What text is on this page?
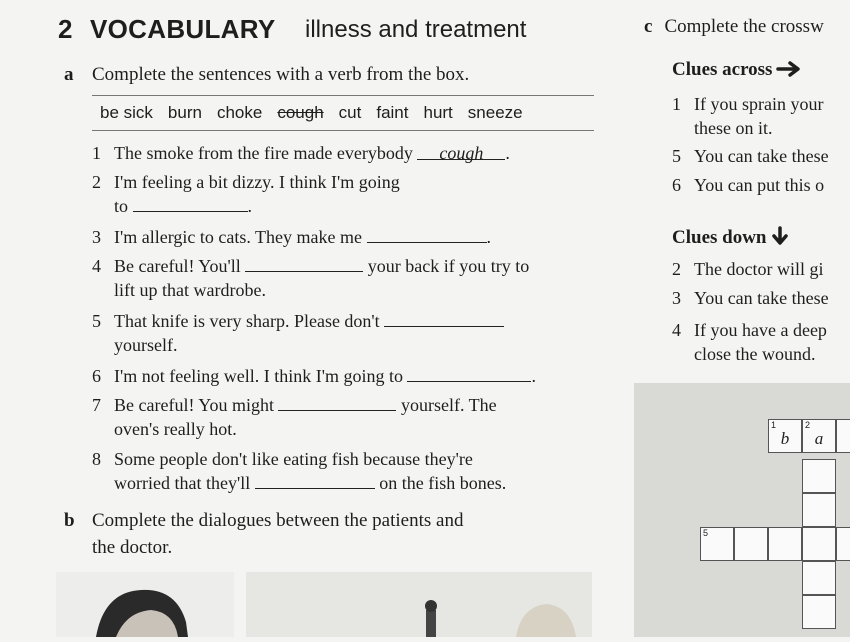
2 VOCABULARY illness and treatment
a Complete the sentences with a verb from the box.
be sick burn choke cough cut faint hurt sneeze
1 The smoke from the fire made everybody cough .
2 I'm feeling a bit dizzy. I think I'm going
to	.
3 I'm allergic to cats. They make me	.
4 Be careful! You'll	your back if you try to
lift up that wardrobe.
5 That knife is very sharp. Please don't
yourself.
6 I'm not feeling well. I think I'm going to	.
7 Be careful! You might	yourself. The
oven's really hot.
8 Some people don't like eating fish because they're
worried that they'll	on the fish bones.
b Complete the dialogues between the patients and
the doctor.
c Complete the crossw
Clues across
1 If you sprain your
these on it.
5 You can take these
6 You can put this o
Clues down
2 The doctor will gi
3 You can take these
4 If you have a deep
close the wound.
1
b
2
a
5
